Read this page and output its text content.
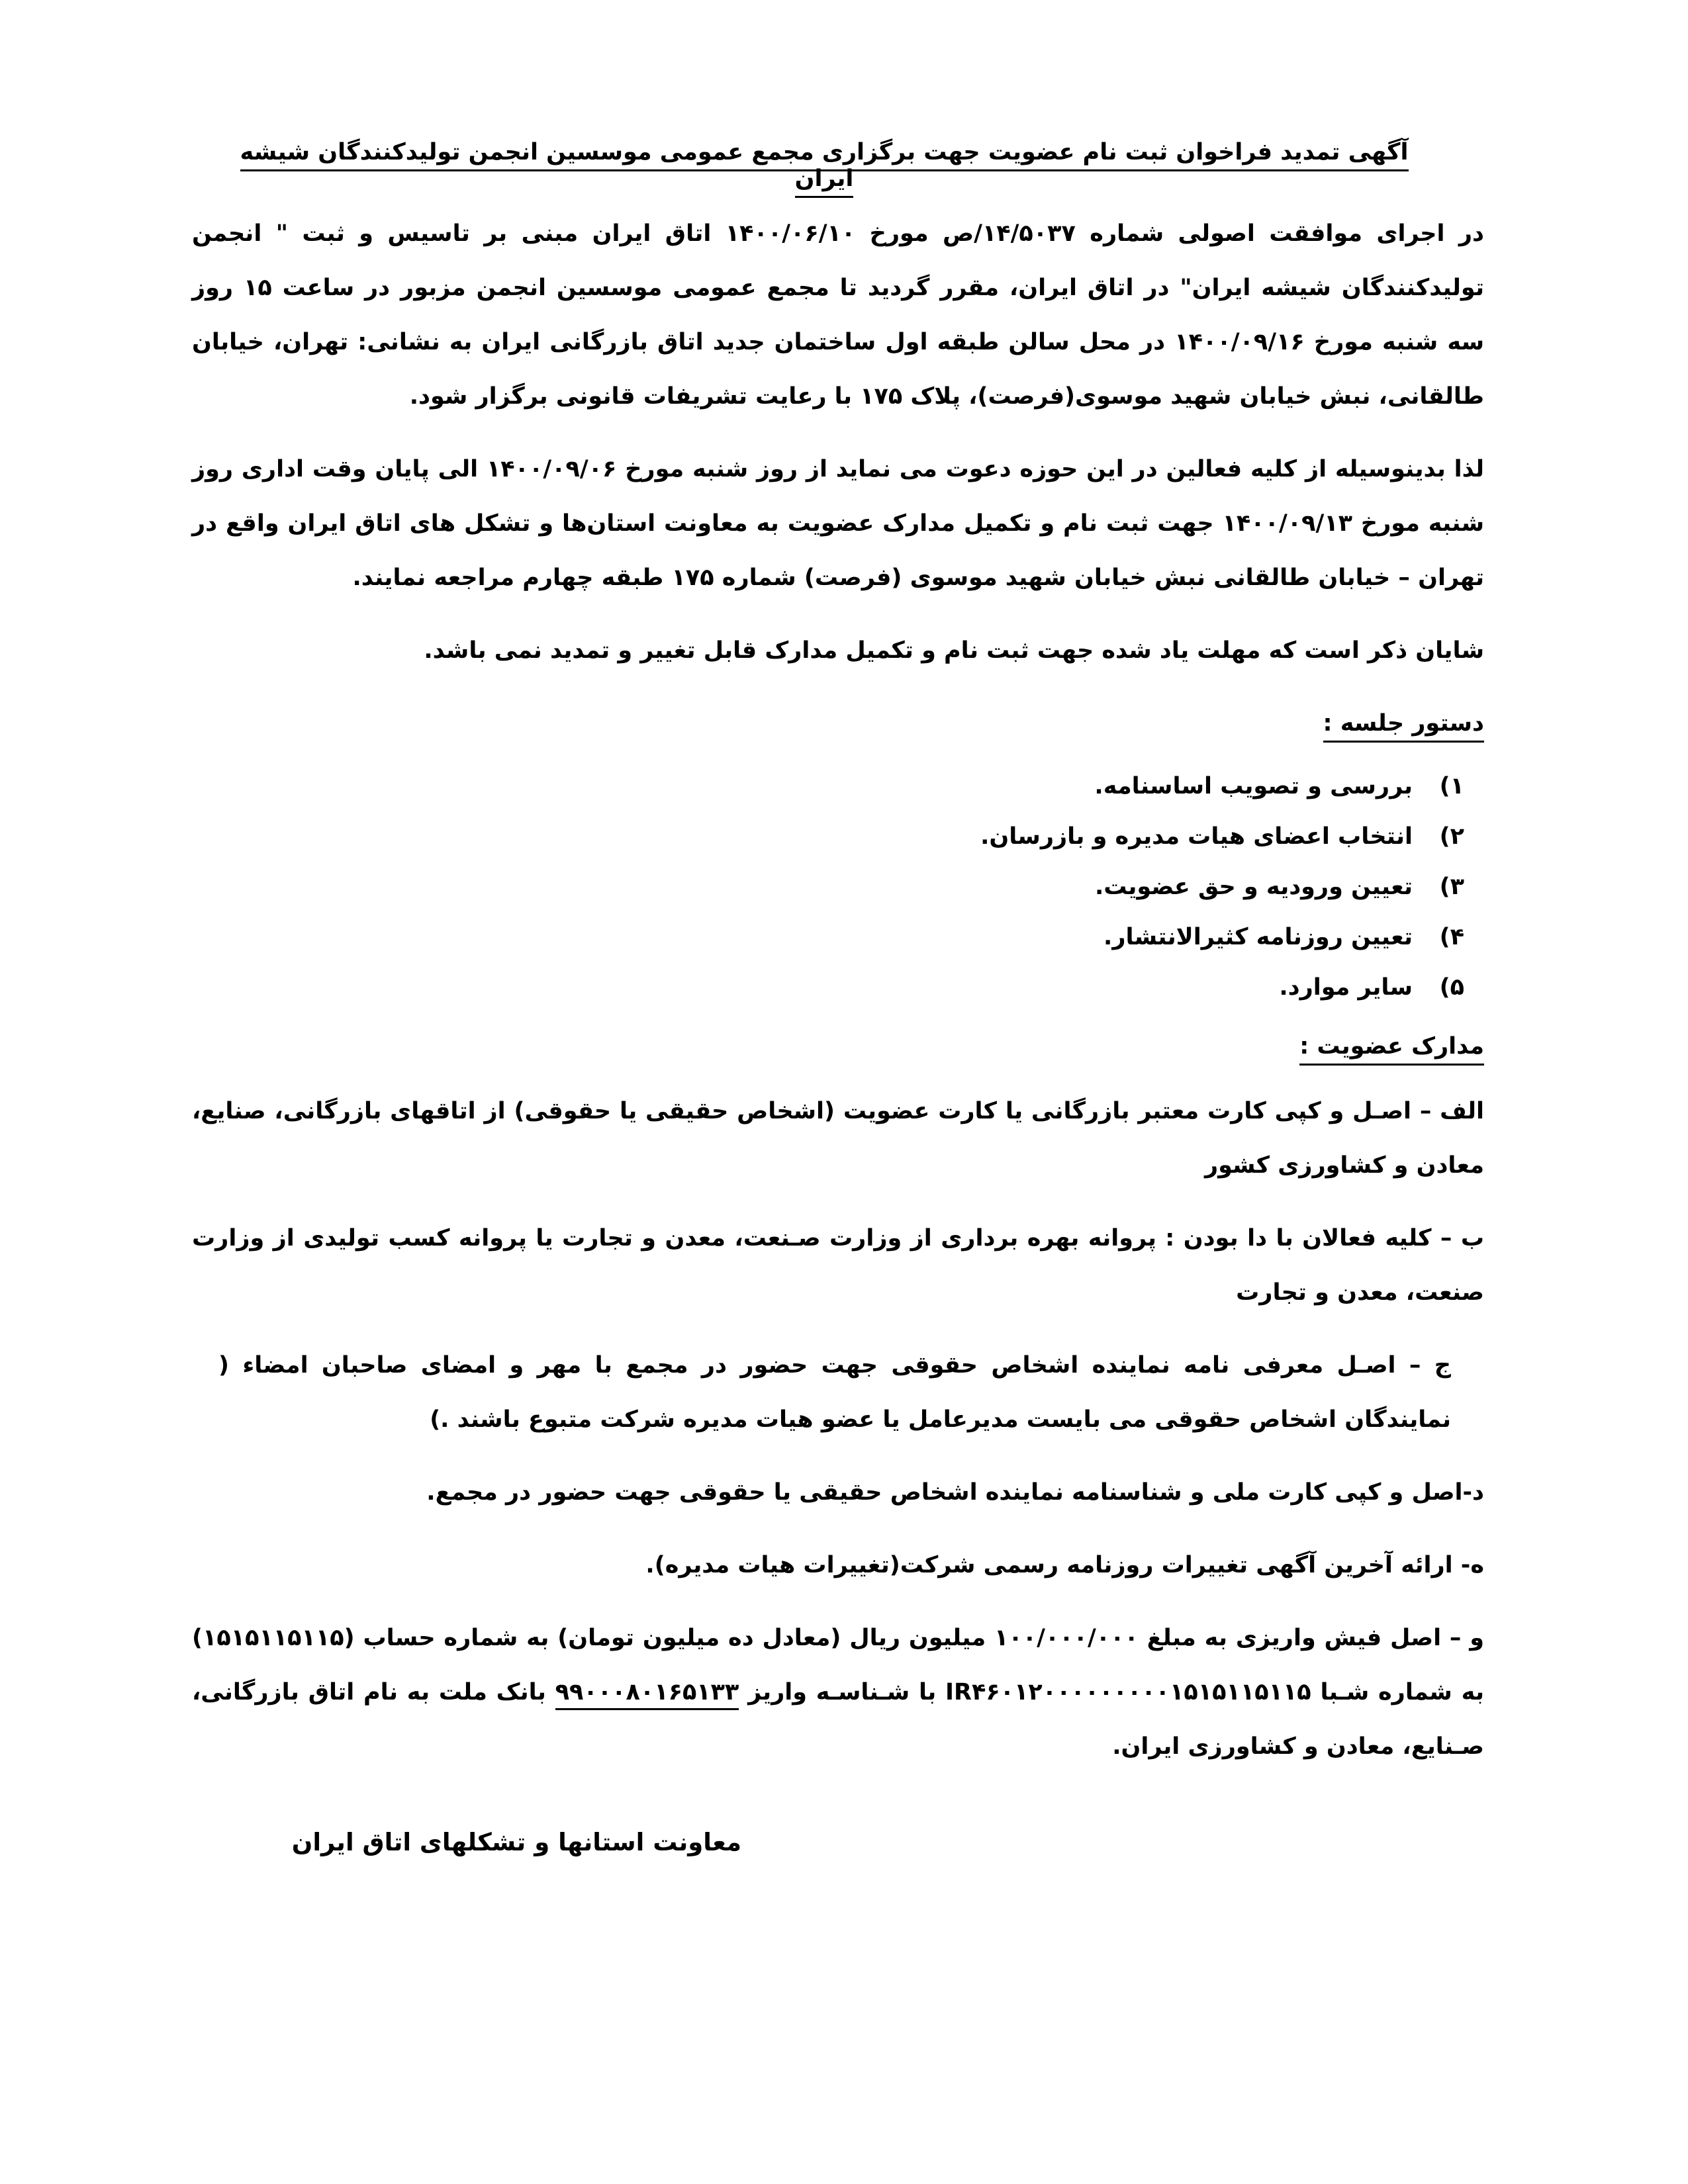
آگهی تمدید فراخوان ثبت نام عضویت جهت برگزاری مجمع عمومی موسسین انجمن تولیدکنندگان شیشه ایران

در اجرای موافقت اصولی شماره ۱۴/۵۰۳۷/ص مورخ ۱۴۰۰/۰۶/۱۰ اتاق ایران مبنی بر تاسیس و ثبت " انجمن تولیدکنندگان شیشه ایران" در اتاق ایران، مقرر گردید تا مجمع عمومی موسسین انجمن مزبور در ساعت ۱۵ روز سه شنبه مورخ ۱۴۰۰/۰۹/۱۶ در محل سالن طبقه اول ساختمان جدید اتاق بازرگانی ایران به نشانی: تهران، خیابان طالقانی، نبش خیابان شهید موسوی(فرصت)، پلاک ۱۷۵ با رعایت تشریفات قانونی برگزار شود.

لذا بدینوسیله از کلیه فعالین در این حوزه دعوت می نماید از روز شنبه مورخ ۱۴۰۰/۰۹/۰۶ الی پایان وقت اداری روز شنبه مورخ ۱۴۰۰/۰۹/۱۳ جهت ثبت نام و تکمیل مدارک عضویت به معاونت استان‌ها و تشکل های اتاق ایران واقع در تهران – خیابان طالقانی نبش خیابان شهید موسوی (فرصت) شماره ۱۷۵ طبقه چهارم مراجعه نمایند.

شایان ذکر است که مهلت یاد شده جهت ثبت نام و تکمیل مدارک قابل تغییر و تمدید نمی باشد.

دستور جلسه :
۱)
بررسی و تصویب اساسنامه.
۲)
انتخاب اعضای هیات مدیره و بازرسان.
۳)
تعیین ورودیه و حق عضویت.
۴)
تعیین روزنامه کثیرالانتشار.
۵)
سایر موارد.
مدارک عضویت :

الف – اصـل و کپی کارت معتبر بازرگانی یا کارت عضویت (اشخاص حقیقی یا حقوقی) از اتاقهای بازرگانی، صنایع، معادن و کشاورزی کشور

ب – کلیه فعالان با دا بودن : پروانه بهره برداری از وزارت صـنعت، معدن و تجارت یا پروانه کسب تولیدی از وزارت صنعت، معدن و تجارت

ج – اصـل معرفی نامه نماینده اشخاص حقوقی جهت حضور در مجمع با مهر و امضای صاحبان امضاء ( نمایندگان اشخاص حقوقی می بایست مدیرعامل یا عضو هیات مدیره شرکت متبوع باشند .)

د-اصل و کپی کارت ملی و شناسنامه نماینده اشخاص حقیقی یا حقوقی جهت حضور در مجمع.

ه- ارائه آخرین آگهی تغییرات روزنامه رسمی شرکت(تغییرات هیات مدیره).

و – اصل فیش واریزی به مبلغ ۱۰۰/۰۰۰/۰۰۰ میلیون ریال (معادل ده میلیون تومان) به شماره حساب (۱۵۱۵۱۱۵۱۱۵) به شماره شـبا IR۴۶۰۱۲۰۰۰۰۰۰۰۰۰۱۵۱۵۱۱۵۱۱۵ با شـناسـه واریز ۹۹۰۰۰۸۰۱۶۵۱۳۳ بانک ملت به نام اتاق بازرگانی، صـنایع، معادن و کشاورزی ایران.

معاونت استانها و تشکلهای اتاق ایران
